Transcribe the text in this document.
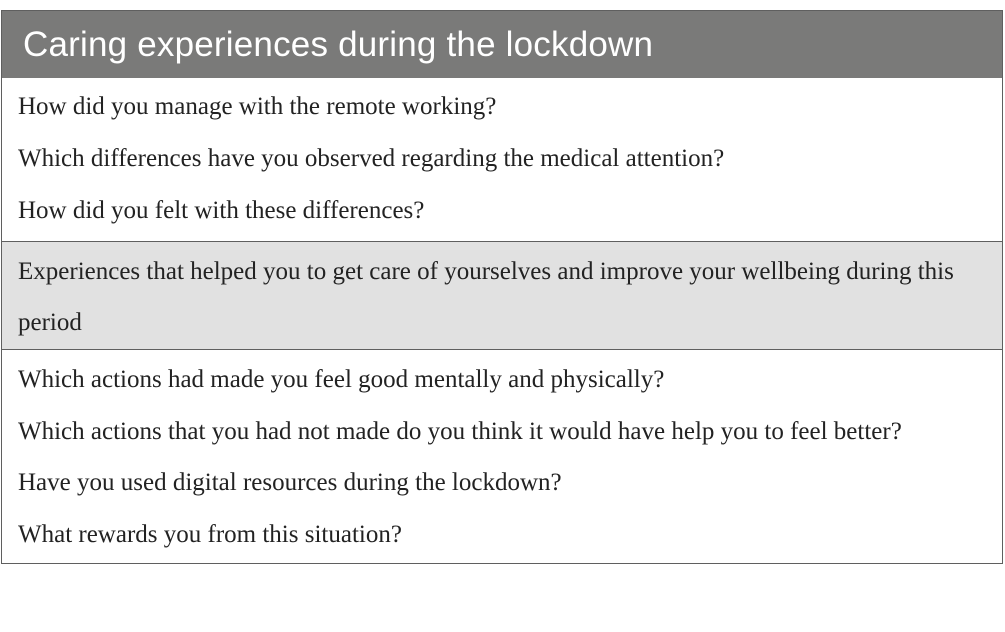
Caring experiences during the lockdown

How did you manage with the remote working?

Which differences have you observed regarding the medical attention?

How did you felt with these differences?

Experiences that helped you to get care of yourselves and improve your wellbeing during this period

Which actions had made you feel good mentally and physically?

Which actions that you had not made do you think it would have help you to feel better?

Have you used digital resources during the lockdown?

What rewards you from this situation?
